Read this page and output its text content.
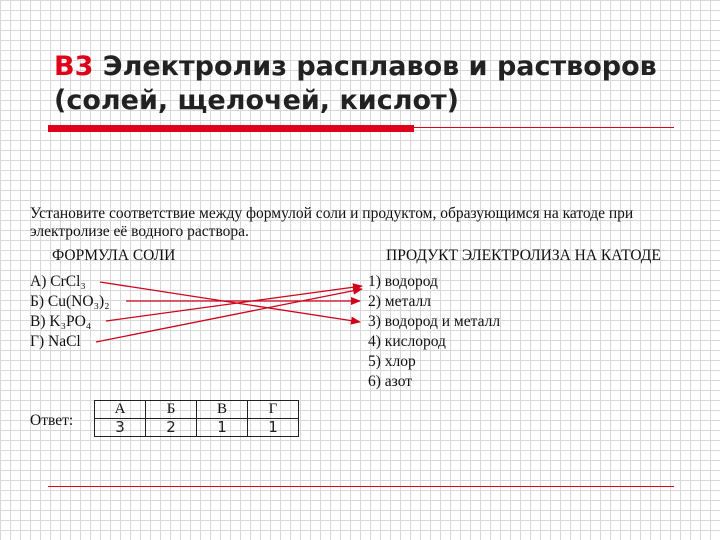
B3 Электролиз расплавов и растворов (солей, щелочей, кислот)
Установите соответствие между формулой соли и продуктом, образующимся на катоде при электролизе её водного раствора.
ФОРМУЛА СОЛИ	ПРОДУКТ ЭЛЕКТРОЛИЗА НА КАТОДЕ
А) CrCl₃
Б) Cu(NO₃)₂
В) K₃PO₄
Г) NaCl
1) водород
2) металл
3) водород и металл
4) кислород
5) хлор
6) азот
Ответ:
А	Б	В	Г
3	2	1	1
